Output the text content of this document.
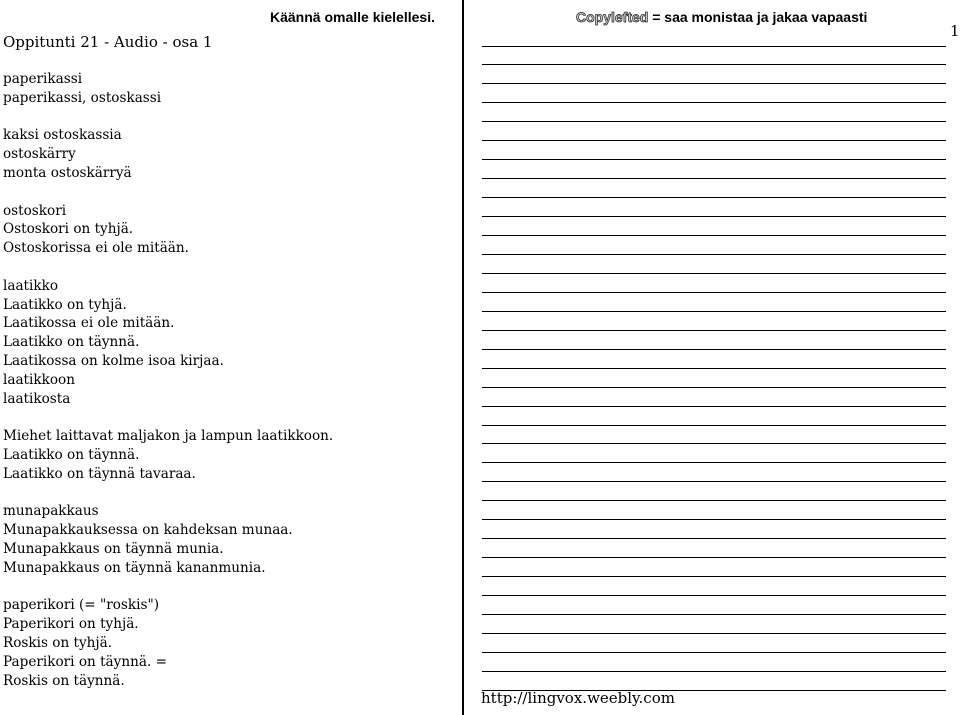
Oppitunti 21 - Audio - osa 1
Käännä omalle kielellesi.	Copylefted = saa monistaa ja jakaa vapaasti
1
paperikassi
paperikassi, ostoskassi
kaksi ostoskassia
ostoskärry
monta ostoskärryä
ostoskori
Ostoskori on tyhjä.
Ostoskorissa ei ole mitään.
laatikko
Laatikko on tyhjä.
Laatikossa ei ole mitään.
Laatikko on täynnä.
Laatikossa on kolme isoa kirjaa.
laatikkoon
laatikosta
Miehet laittavat maljakon ja lampun laatikkoon.
Laatikko on täynnä.
Laatikko on täynnä tavaraa.
munapakkaus
Munapakkauksessa on kahdeksan munaa.
Munapakkaus on täynnä munia.
Munapakkaus on täynnä kananmunia.
paperikori (= "roskis")
Paperikori on tyhjä.
Roskis on tyhjä.
Paperikori on täynnä. =
Roskis on täynnä.
http://lingvox.weebly.com
